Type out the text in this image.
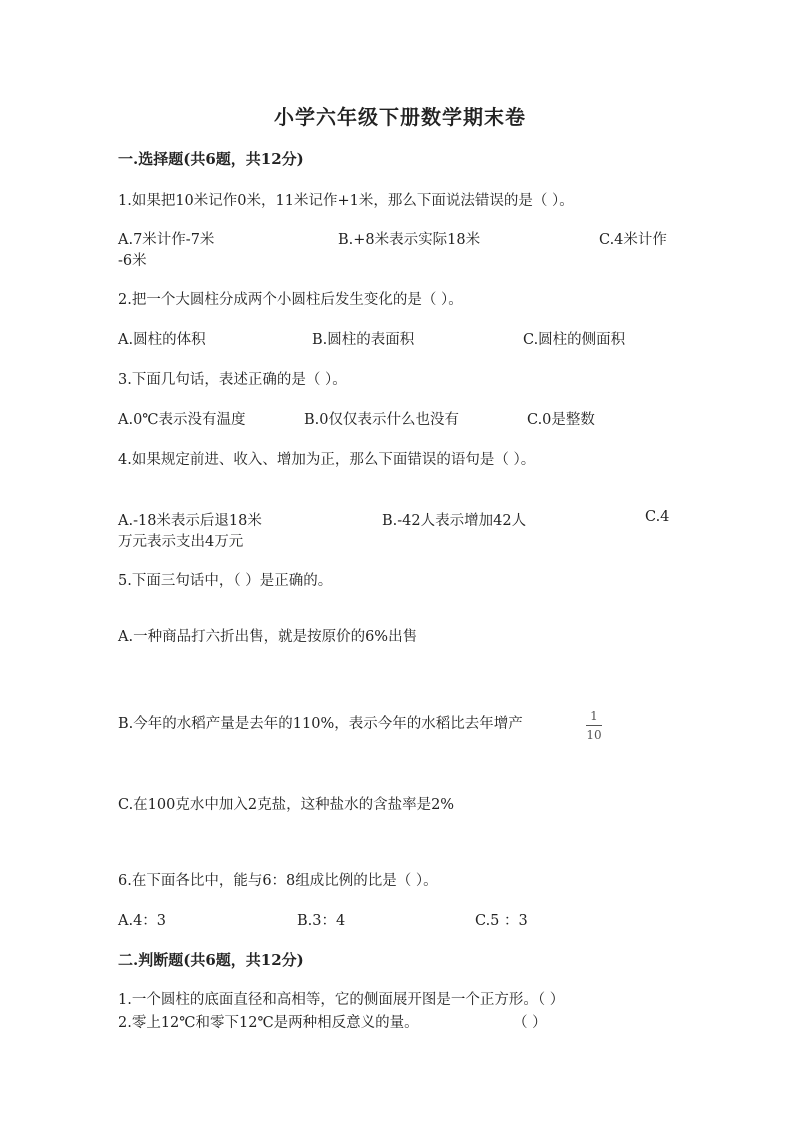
小学六年级下册数学期末卷
一.选择题(共6题，共12分)
1.如果把10米记作0米，11米记作+1米，那么下面说法错误的是（ ）。
A.7米计作-7米	B.+8米表示实际18米	C.4米计作
-6米
2.把一个大圆柱分成两个小圆柱后发生变化的是（ ）。
A.圆柱的体积	B.圆柱的表面积	C.圆柱的侧面积
3.下面几句话，表述正确的是（ ）。
A.0℃表示没有温度	B.0仅仅表示什么也没有	C.0是整数
4.如果规定前进、收入、增加为正，那么下面错误的语句是（ ）。
A.-18米表示后退18米	B.-42人表示增加42人	C.4
万元表示支出4万元
5.下面三句话中，（ ）是正确的。
A.一种商品打六折出售，就是按原价的6%出售
B.今年的水稻产量是去年的110%，表示今年的水稻比去年增产	1
10
C.在100克水中加入2克盐，这种盐水的含盐率是2%
6.在下面各比中，能与6：8组成比例的比是（ ）。
A.4：3	B.3：4	C.5 ：3
二.判断题(共6题，共12分)
1.一个圆柱的底面直径和高相等，它的侧面展开图是一个正方形。（ ）
2.零上12℃和零下12℃是两种相反意义的量。	（ ）
